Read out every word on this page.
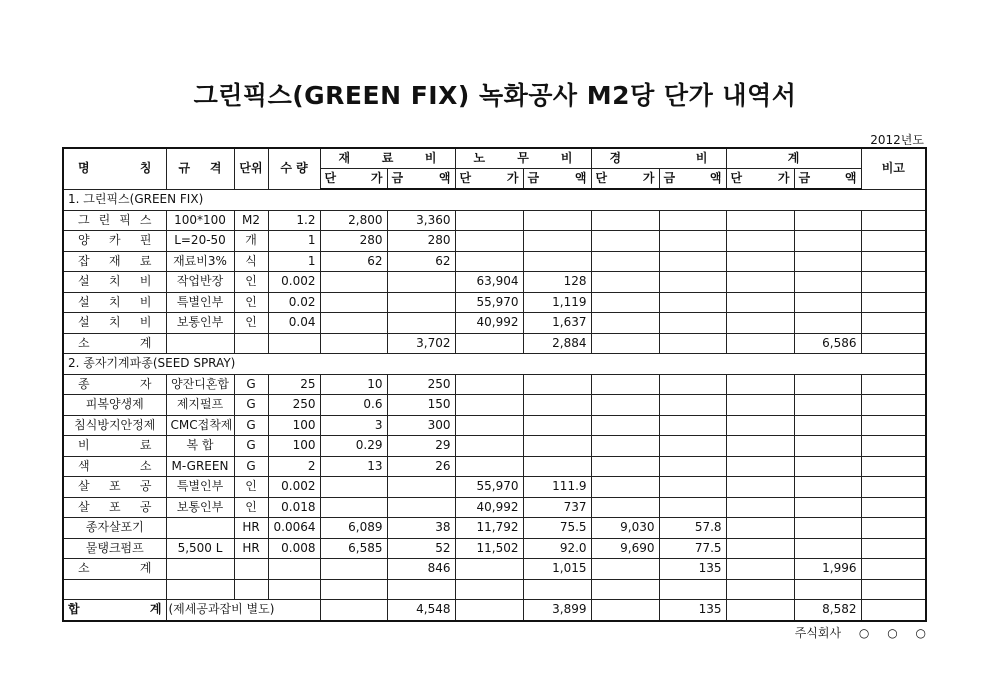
그린픽스(GREEN FIX) 녹화공사 M2당 단가 내역서
2012년도
명 칭	규 격	단위	수 량	재 료 비		노 무 비		경 비		계		비고

				단 가	금 액	단 가	금 액	단 가	금 액	단 가	금 액	

1. 그린픽스(GREEN FIX)												

그 린 픽 스	100*100	M2	1.2	2,800	3,360							

양 카 핀	L=20-50	개	1	280	280							

잡 재 료	재료비3%	식	1	62	62							

설 치 비	작업반장	인	0.002			63,904	128					

설 치 비	특별인부	인	0.02			55,970	1,119					

설 치 비	보통인부	인	0.04			40,992	1,637					

소 계					3,702		2,884				6,586	
2. 종자기계파종(SEED SPRAY)												

종 자	양잔디혼합	G	25	10	250							

피복양생제	제지펄프	G	250	0.6	150							

침식방지안정제	CMC접착제	G	100	3	300							

비 료	복 합	G	100	0.29	29							

색 소	M-GREEN	G	2	13	26							

살 포 공	특별인부	인	0.002			55,970	111.9					

살 포 공	보통인부	인	0.018			40,992	737					

종자살포기		HR	0.0064	6,089	38	11,792	75.5	9,030	57.8			

물탱크펌프	5,500 L	HR	0.008	6,585	52	11,502	92.0	9,690	77.5			

소 계					846		1,015		135		1,996	

합 계	(제세공과잡비 별도)				4,548		3,899		135		8,582	
주식회사 ○ ○ ○
